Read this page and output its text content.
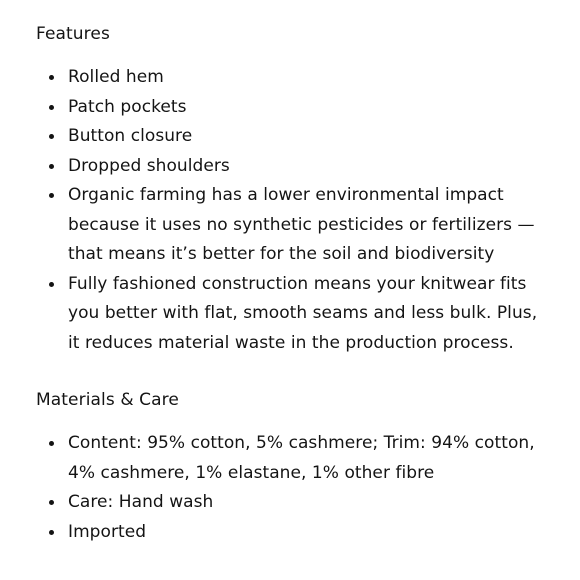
Features
Rolled hem
Patch pockets
Button closure
Dropped shoulders
Organic farming has a lower environmental impact because it uses no synthetic pesticides or fertilizers — that means it’s better for the soil and biodiversity
Fully fashioned construction means your knitwear fits you better with flat, smooth seams and less bulk. Plus, it reduces material waste in the production process.
Materials & Care
Content: 95% cotton, 5% cashmere; Trim: 94% cotton, 4% cashmere, 1% elastane, 1% other fibre
Care: Hand wash
Imported
